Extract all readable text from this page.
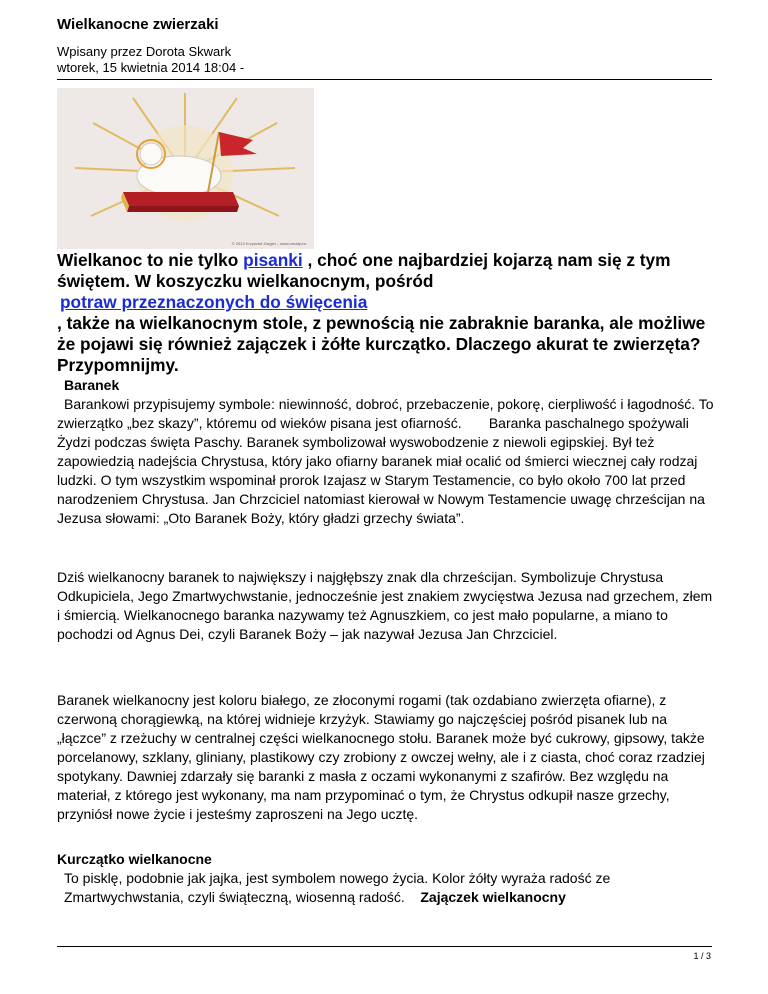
Wielkanocne zwierzaki
Wpisany przez Dorota Skwark
wtorek, 15 kwietnia 2014 18:04 -
© 2013 Krzysztof Zurgiel – www.ornaty.eu
Wielkanoc to nie tylko pisanki , choć one najbardziej kojarzą nam się z tym świętem. W koszyczku wielkanocnym, pośród
potraw przeznaczonych do święcenia
, także na wielkanocnym stole, z pewnością nie zabraknie baranka, ale możliwe że pojawi się również zajączek i żółte kurczątko. Dlaczego akurat te zwierzęta? Przypomnijmy.
Baranek
Barankowi przypisujemy symbole: niewinność, dobroć, przebaczenie, pokorę, cierpliwość i łagodność. To zwierzątko „bez skazy”, któremu od wieków pisana jest ofiarność. Baranka paschalnego spożywali Żydzi podczas święta Paschy. Baranek symbolizował wyswobodzenie z niewoli egipskiej. Był też zapowiedzią nadejścia Chrystusa, który jako ofiarny baranek miał ocalić od śmierci wiecznej cały rodzaj ludzki. O tym wszystkim wspominał prorok Izajasz w Starym Testamencie, co było około 700 lat przed narodzeniem Chrystusa. Jan Chrzciciel natomiast kierował w Nowym Testamencie uwagę chrześcijan na Jezusa słowami: „Oto Baranek Boży, który gładzi grzechy świata”.
Dziś wielkanocny baranek to największy i najgłębszy znak dla chrześcijan. Symbolizuje Chrystusa Odkupiciela, Jego Zmartwychwstanie, jednocześnie jest znakiem zwycięstwa Jezusa nad grzechem, złem i śmiercią. Wielkanocnego baranka nazywamy też Agnuszkiem, co jest mało popularne, a miano to pochodzi od Agnus Dei, czyli Baranek Boży – jak nazywał Jezusa Jan Chrzciciel.
Baranek wielkanocny jest koloru białego, ze złoconymi rogami (tak ozdabiano zwierzęta ofiarne), z czerwoną chorągiewką, na której widnieje krzyżyk. Stawiamy go najczęściej pośród pisanek lub na „łączce” z rzeżuchy w centralnej części wielkanocnego stołu. Baranek może być cukrowy, gipsowy, także porcelanowy, szklany, gliniany, plastikowy czy zrobiony z owczej wełny, ale i z ciasta, choć coraz rzadziej spotykany. Dawniej zdarzały się baranki z masła z oczami wykonanymi z szafirów. Bez względu na materiał, z którego jest wykonany, ma nam przypominać o tym, że Chrystus odkupił nasze grzechy, przyniósł nowe życie i jesteśmy zaproszeni na Jego ucztę.
Kurczątko wielkanocne
To pisklę, podobnie jak jajka, jest symbolem nowego życia. Kolor żółty wyraża radość ze Zmartwychwstania, czyli świąteczną, wiosenną radość. Zajączek wielkanocny
1 / 3
